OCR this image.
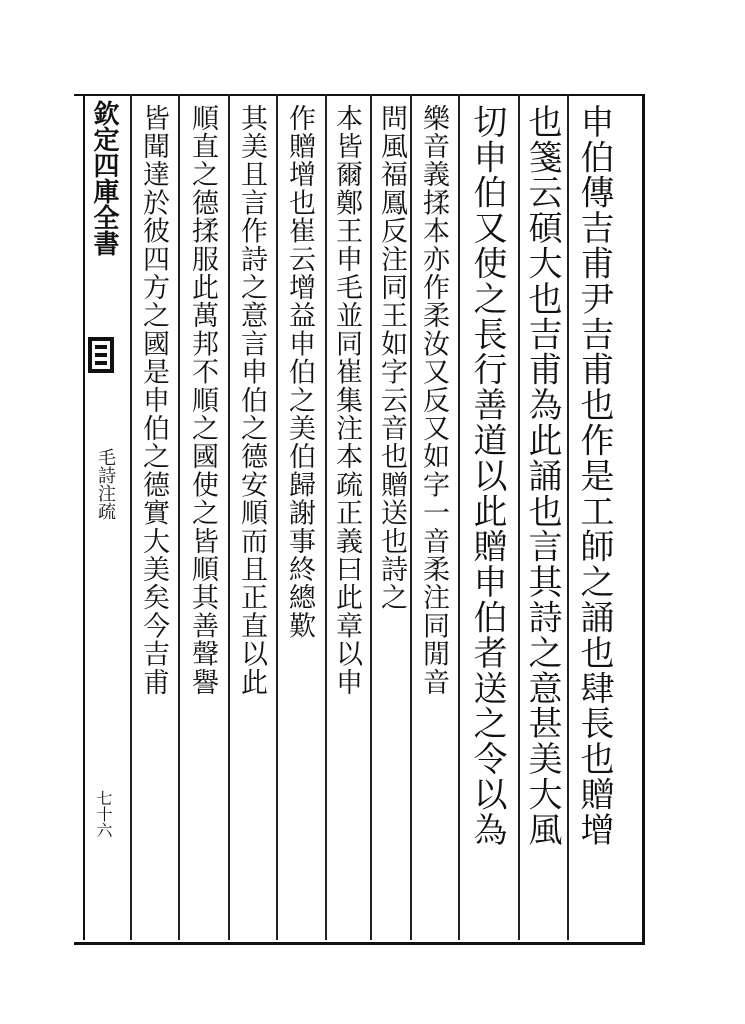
欽定四庫全書
毛詩注疏
七十六	申伯傳吉甫尹吉甫也作是工師之誦也肆長也贈增
也箋云碩大也吉甫為此誦也言其詩之意甚美大風
切申伯又使之長行善道以此贈申伯者送之令以為
樂音義揉本亦作柔汝又反又如字一音柔注同閒音
問風福鳳反注同王如字云音也贈送也詩之
本皆爾鄭王申毛並同崔集注本疏正義曰此章以申
作贈增也崔云增益申伯之美伯歸謝事終總歎
其美且言作詩之意言申伯之德安順而且正直以此
順直之德揉服此萬邦不順之國使之皆順其善聲譽
皆聞達於彼四方之國是申伯之德實大美矣今吉甫
